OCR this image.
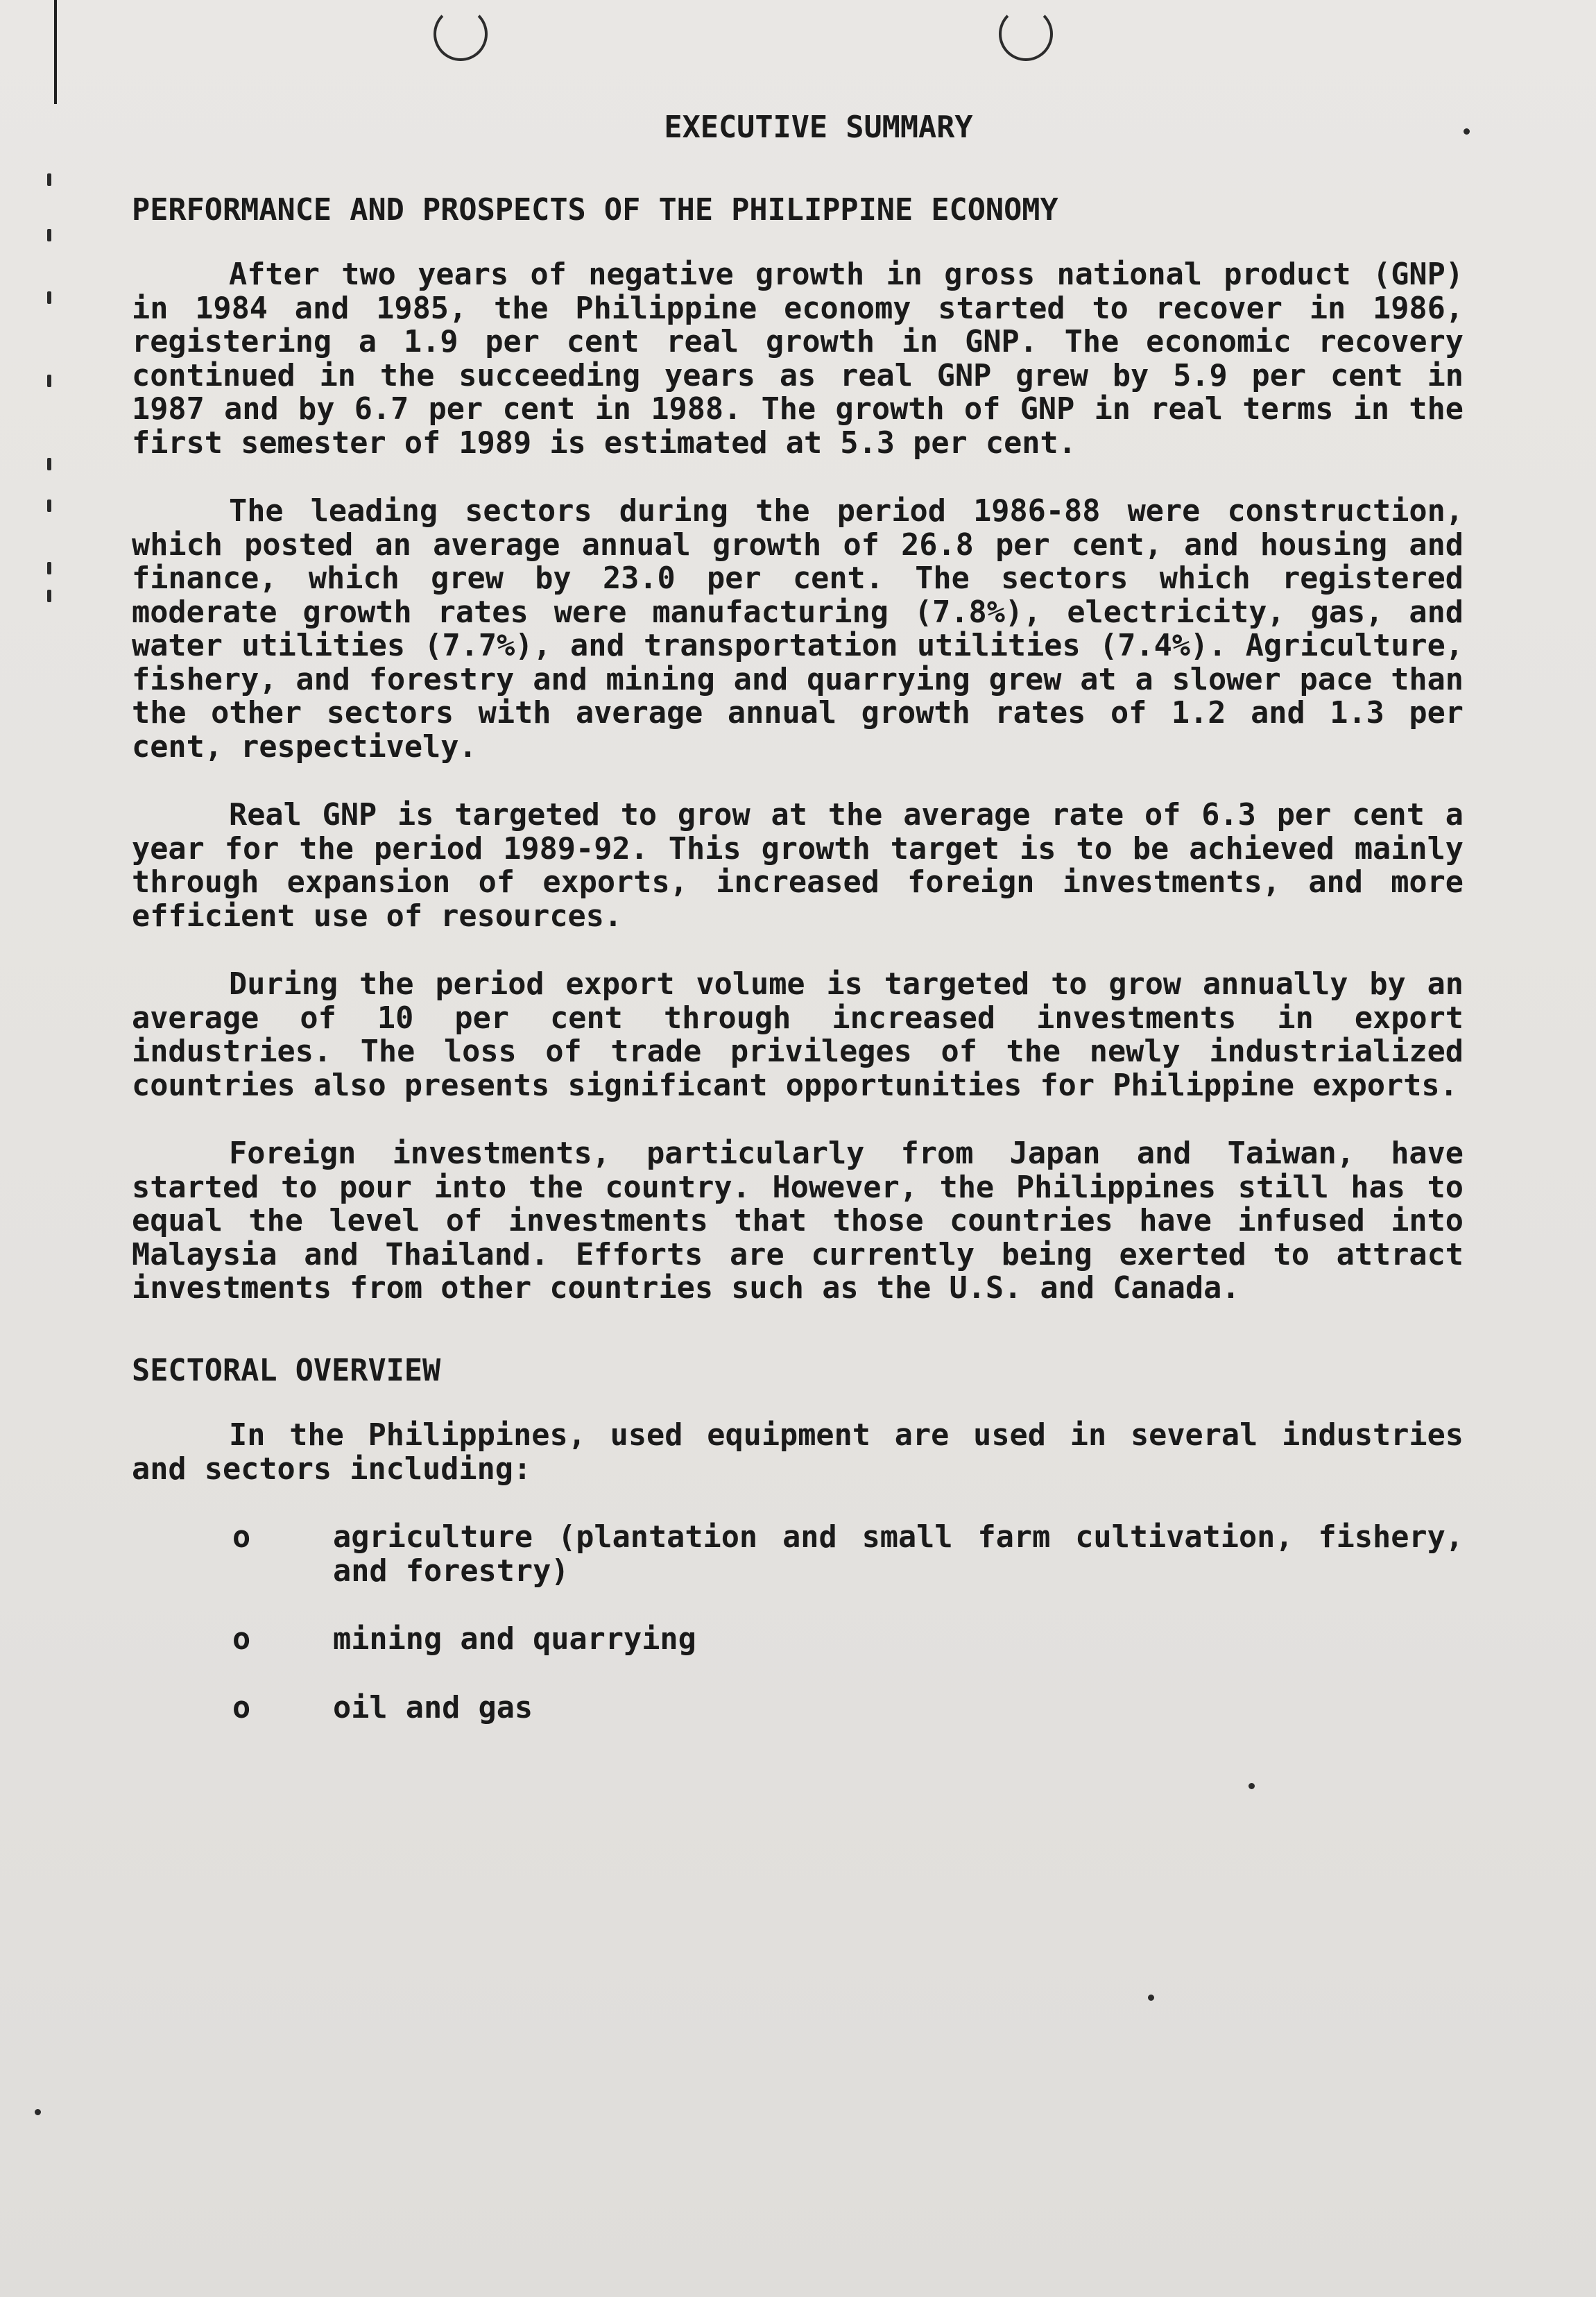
EXECUTIVE SUMMARY
PERFORMANCE AND PROSPECTS OF THE PHILIPPINE ECONOMY

After two years of negative growth in gross national product (GNP) in 1984 and 1985, the Philippine economy started to recover in 1986, registering a 1.9 per cent real growth in GNP. The economic recovery continued in the succeeding years as real GNP grew by 5.9 per cent in 1987 and by 6.7 per cent in 1988. The growth of GNP in real terms in the first semester of 1989 is estimated at 5.3 per cent.

The leading sectors during the period 1986-88 were construction, which posted an average annual growth of 26.8 per cent, and housing and finance, which grew by 23.0 per cent. The sectors which registered moderate growth rates were manufacturing (7.8%), electricity, gas, and water utilities (7.7%), and transportation utilities (7.4%). Agriculture, fishery, and forestry and mining and quarrying grew at a slower pace than the other sectors with average annual growth rates of 1.2 and 1.3 per cent, respectively.

Real GNP is targeted to grow at the average rate of 6.3 per cent a year for the period 1989-92. This growth target is to be achieved mainly through expansion of exports, increased foreign investments, and more efficient use of resources.

During the period export volume is targeted to grow annually by an average of 10 per cent through increased investments in export industries. The loss of trade privileges of the newly industrialized countries also presents significant opportunities for Philippine exports.

Foreign investments, particularly from Japan and Taiwan, have started to pour into the country. However, the Philippines still has to equal the level of investments that those countries have infused into Malaysia and Thailand. Efforts are currently being exerted to attract investments from other countries such as the U.S. and Canada.

SECTORAL OVERVIEW

In the Philippines, used equipment are used in several industries and sectors including:

o	agriculture (plantation and small farm cultivation, fishery, and forestry)
o	mining and quarrying
o	oil and gas
